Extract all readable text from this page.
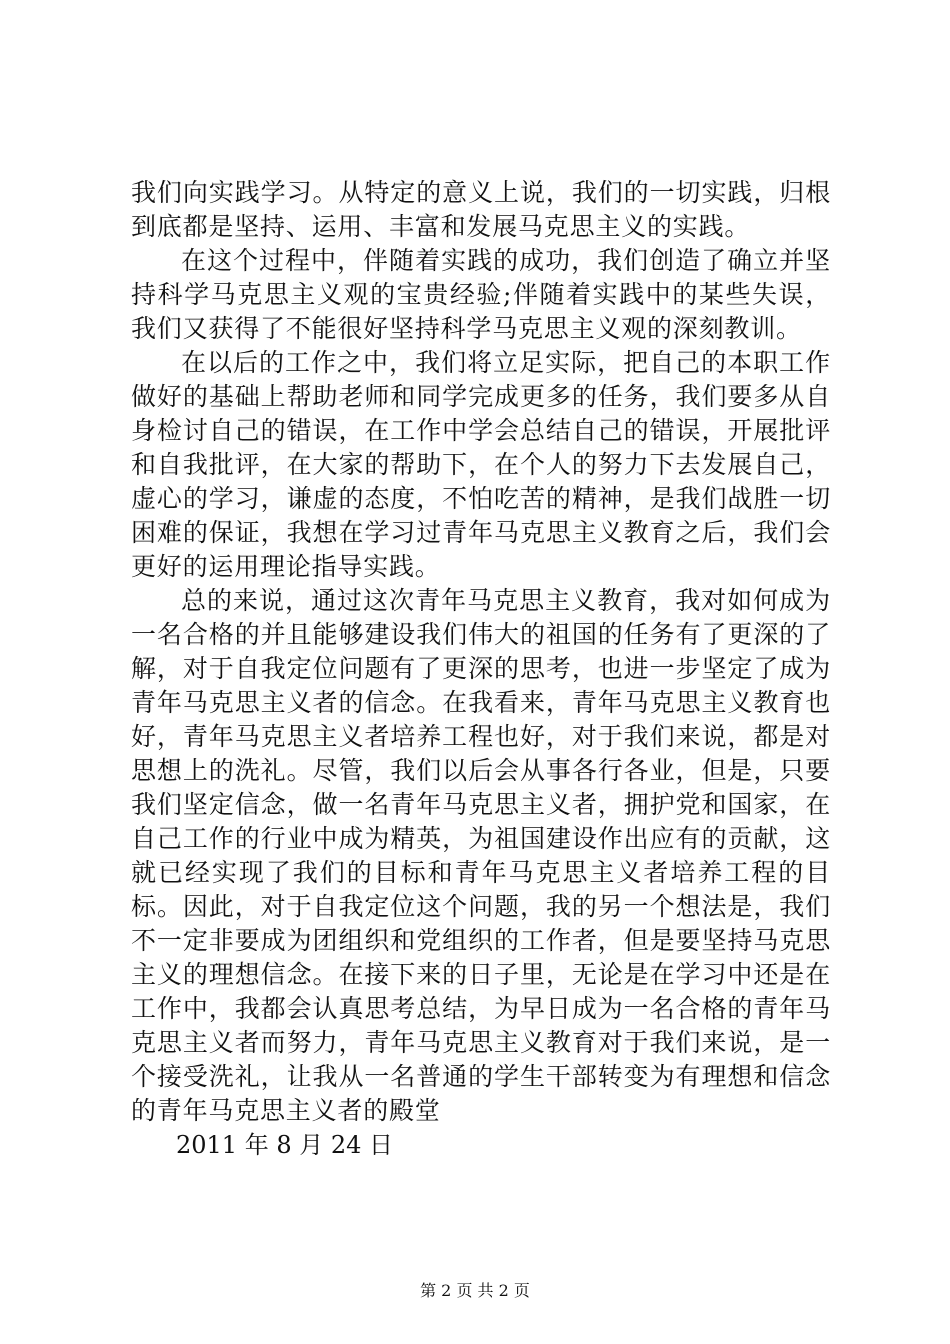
我们向实践学习。从特定的意义上说，我们的一切实践，归根到底都是坚持、运用、丰富和发展马克思主义的实践。

在这个过程中，伴随着实践的成功，我们创造了确立并坚持科学马克思主义观的宝贵经验;伴随着实践中的某些失误，我们又获得了不能很好坚持科学马克思主义观的深刻教训。

在以后的工作之中，我们将立足实际，把自己的本职工作做好的基础上帮助老师和同学完成更多的任务，我们要多从自身检讨自己的错误，在工作中学会总结自己的错误，开展批评和自我批评，在大家的帮助下，在个人的努力下去发展自己，虚心的学习，谦虚的态度，不怕吃苦的精神，是我们战胜一切困难的保证，我想在学习过青年马克思主义教育之后，我们会更好的运用理论指导实践。

总的来说，通过这次青年马克思主义教育，我对如何成为一名合格的并且能够建设我们伟大的祖国的任务有了更深的了解，对于自我定位问题有了更深的思考，也进一步坚定了成为青年马克思主义者的信念。在我看来，青年马克思主义教育也好，青年马克思主义者培养工程也好，对于我们来说，都是对思想上的洗礼。尽管，我们以后会从事各行各业，但是，只要我们坚定信念，做一名青年马克思主义者，拥护党和国家，在自己工作的行业中成为精英，为祖国建设作出应有的贡献，这就已经实现了我们的目标和青年马克思主义者培养工程的目标。因此，对于自我定位这个问题，我的另一个想法是，我们不一定非要成为团组织和党组织的工作者，但是要坚持马克思主义的理想信念。在接下来的日子里，无论是在学习中还是在工作中，我都会认真思考总结，为早日成为一名合格的青年马克思主义者而努力，青年马克思主义教育对于我们来说，是一个接受洗礼，让我从一名普通的学生干部转变为有理想和信念的青年马克思主义者的殿堂

2011 年 8 月 24 日

第 2 页 共 2 页
